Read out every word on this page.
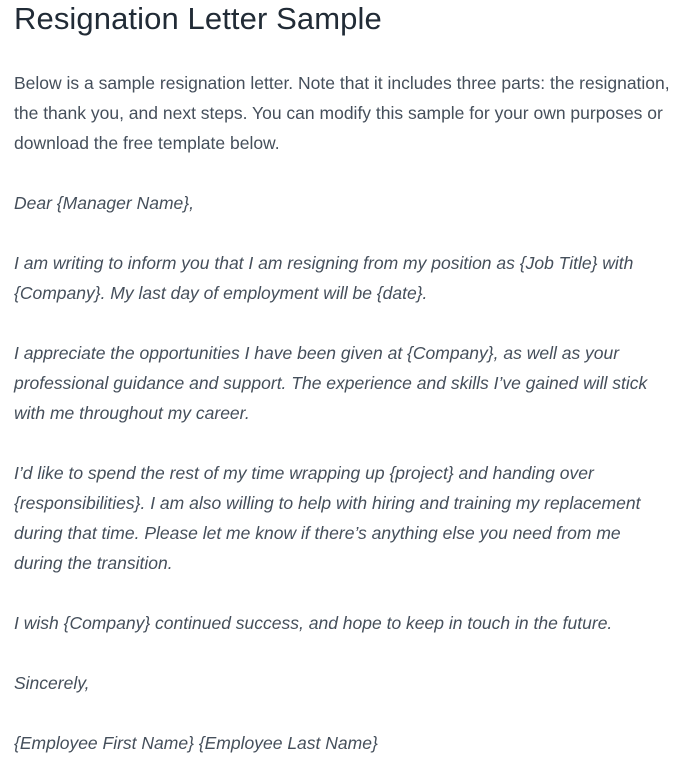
Resignation Letter Sample

Below is a sample resignation letter. Note that it includes three parts: the resignation, the thank you, and next steps. You can modify this sample for your own purposes or download the free template below.

Dear {Manager Name},

I am writing to inform you that I am resigning from my position as {Job Title} with {Company}. My last day of employment will be {date}.

I appreciate the opportunities I have been given at {Company}, as well as your professional guidance and support. The experience and skills I’ve gained will stick with me throughout my career.

I’d like to spend the rest of my time wrapping up {project} and handing over {responsibilities}. I am also willing to help with hiring and training my replacement during that time. Please let me know if there’s anything else you need from me during the transition.

I wish {Company} continued success, and hope to keep in touch in the future.

Sincerely,

{Employee First Name} {Employee Last Name}
